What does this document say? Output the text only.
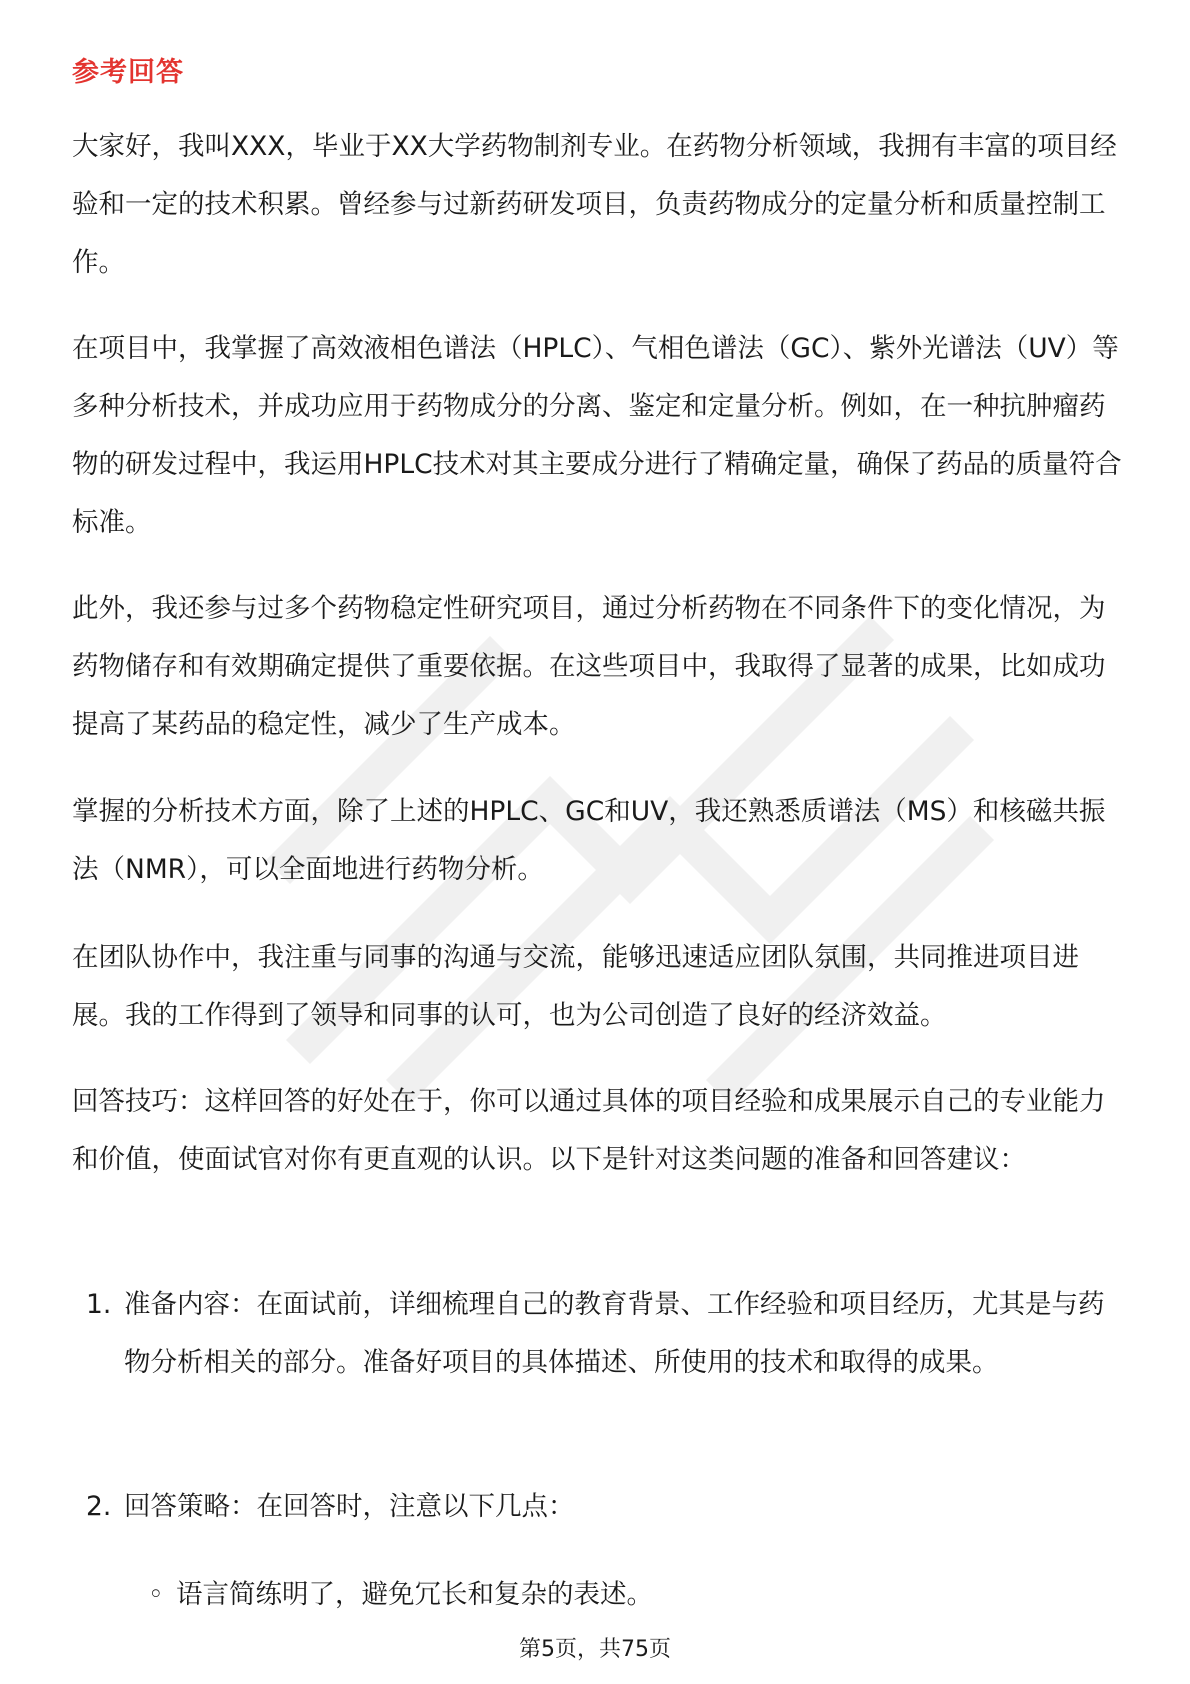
参考回答

大家好，我叫XXX，毕业于XX大学药物制剂专业。在药物分析领域，我拥有丰富的项目经验和一定的技术积累。曾经参与过新药研发项目，负责药物成分的定量分析和质量控制工作。

在项目中，我掌握了高效液相色谱法（HPLC）、气相色谱法（GC）、紫外光谱法（UV）等多种分析技术，并成功应用于药物成分的分离、鉴定和定量分析。例如，在一种抗肿瘤药物的研发过程中，我运用HPLC技术对其主要成分进行了精确定量，确保了药品的质量符合标准。

此外，我还参与过多个药物稳定性研究项目，通过分析药物在不同条件下的变化情况，为药物储存和有效期确定提供了重要依据。在这些项目中，我取得了显著的成果，比如成功提高了某药品的稳定性，减少了生产成本。

掌握的分析技术方面，除了上述的HPLC、GC和UV，我还熟悉质谱法（MS）和核磁共振法（NMR），可以全面地进行药物分析。

在团队协作中，我注重与同事的沟通与交流，能够迅速适应团队氛围，共同推进项目进展。我的工作得到了领导和同事的认可，也为公司创造了良好的经济效益。

回答技巧：这样回答的好处在于，你可以通过具体的项目经验和成果展示自己的专业能力和价值，使面试官对你有更直观的认识。以下是针对这类问题的准备和回答建议：

1. 准备内容：在面试前，详细梳理自己的教育背景、工作经验和项目经历，尤其是与药物分析相关的部分。准备好项目的具体描述、所使用的技术和取得的成果。
2. 回答策略：在回答时，注意以下几点：
◦ 语言简练明了，避免冗长和复杂的表述。
第5页，共75页
